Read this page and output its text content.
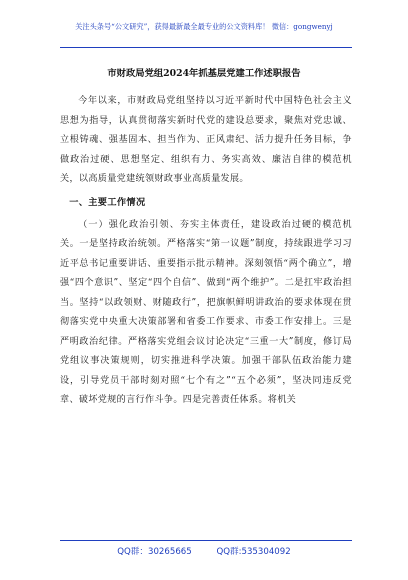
关注头条号“公文研究”，获得最新最全最专业的公文资料库！ 微信：gongwenyj
市财政局党组2024年抓基层党建工作述职报告

今年以来，市财政局党组坚持以习近平新时代中国特色社会主义思想为指导，认真贯彻落实新时代党的建设总要求，聚焦对党忠诚、立根铸魂、强基固本、担当作为、正风肃纪、活力提升任务目标，争做政治过硬、思想坚定、组织有力、务实高效、廉洁自律的模范机关，以高质量党建统领财政事业高质量发展。

一、主要工作情况

（一）强化政治引领、夯实主体责任，建设政治过硬的模范机关。一是坚持政治统领。严格落实“第一议题”制度，持续跟进学习习近平总书记重要讲话、重要指示批示精神。深刻领悟“两个确立”，增强“四个意识”、坚定“四个自信”、做到“两个维护”。二是扛牢政治担当。坚持“以政领财、财随政行”，把旗帜鲜明讲政治的要求体现在贯彻落实党中央重大决策部署和省委工作要求、市委工作安排上。三是严明政治纪律。严格落实党组会议讨论决定“三重一大”制度，修订局党组议事决策规则，切实推进科学决策。加强干部队伍政治能力建设，引导党员干部时刻对照“七个有之”“五个必须”，坚决同违反党章、破坏党规的言行作斗争。四是完善责任体系。将机关

QQ群：30265665	QQ群:535304092
